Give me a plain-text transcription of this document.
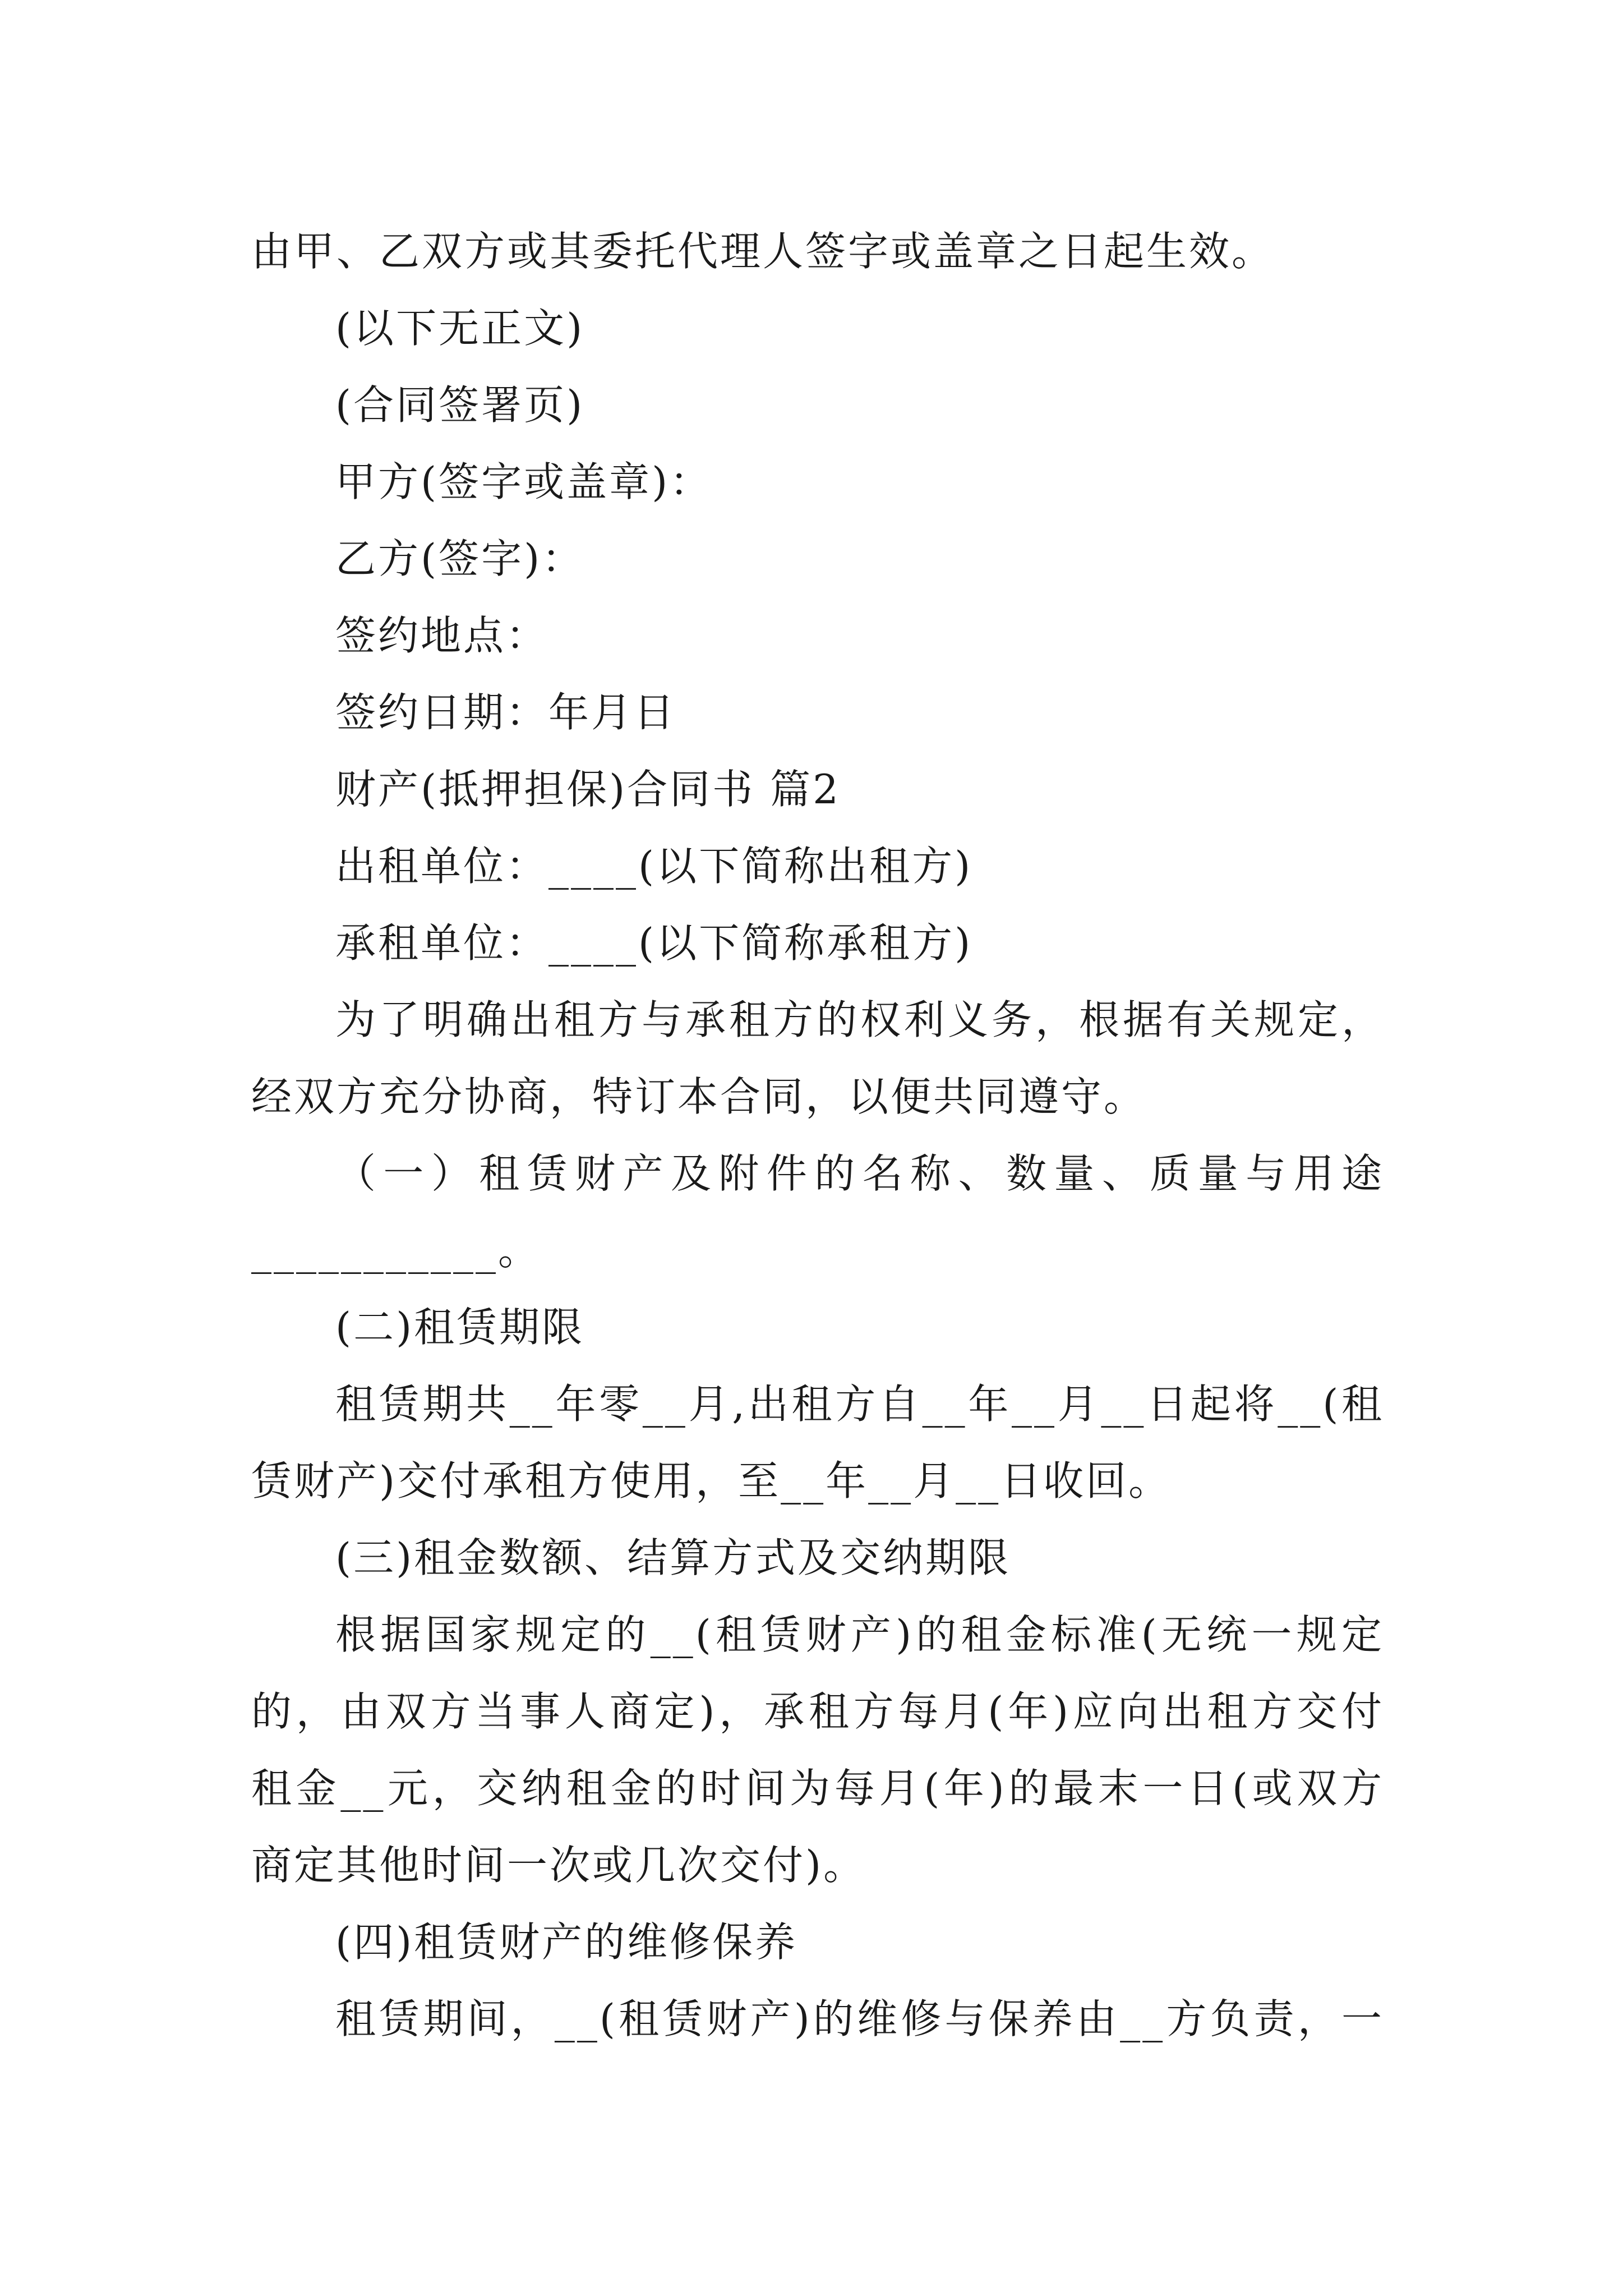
由甲、乙双方或其委托代理人签字或盖章之日起生效。

(以下无正文)

(合同签署页)

甲方(签字或盖章)：

乙方(签字)：

签约地点：

签约日期：年月日

财产(抵押担保)合同书 篇2

出租单位：____(以下简称出租方)

承租单位：____(以下简称承租方)

为了明确出租方与承租方的权利义务，根据有关规定，

经双方充分协商，特订本合同，以便共同遵守。

（一）租赁财产及附件的名称、数量、质量与用途

___________。

(二)租赁期限

租赁期共__年零__月,出租方自__年__月__日起将__(租

赁财产)交付承租方使用，至__年__月__日收回。

(三)租金数额、结算方式及交纳期限

根据国家规定的__(租赁财产)的租金标准(无统一规定

的，由双方当事人商定)，承租方每月(年)应向出租方交付

租金__元，交纳租金的时间为每月(年)的最末一日(或双方

商定其他时间一次或几次交付)。

(四)租赁财产的维修保养

租赁期间，__(租赁财产)的维修与保养由__方负责，一
